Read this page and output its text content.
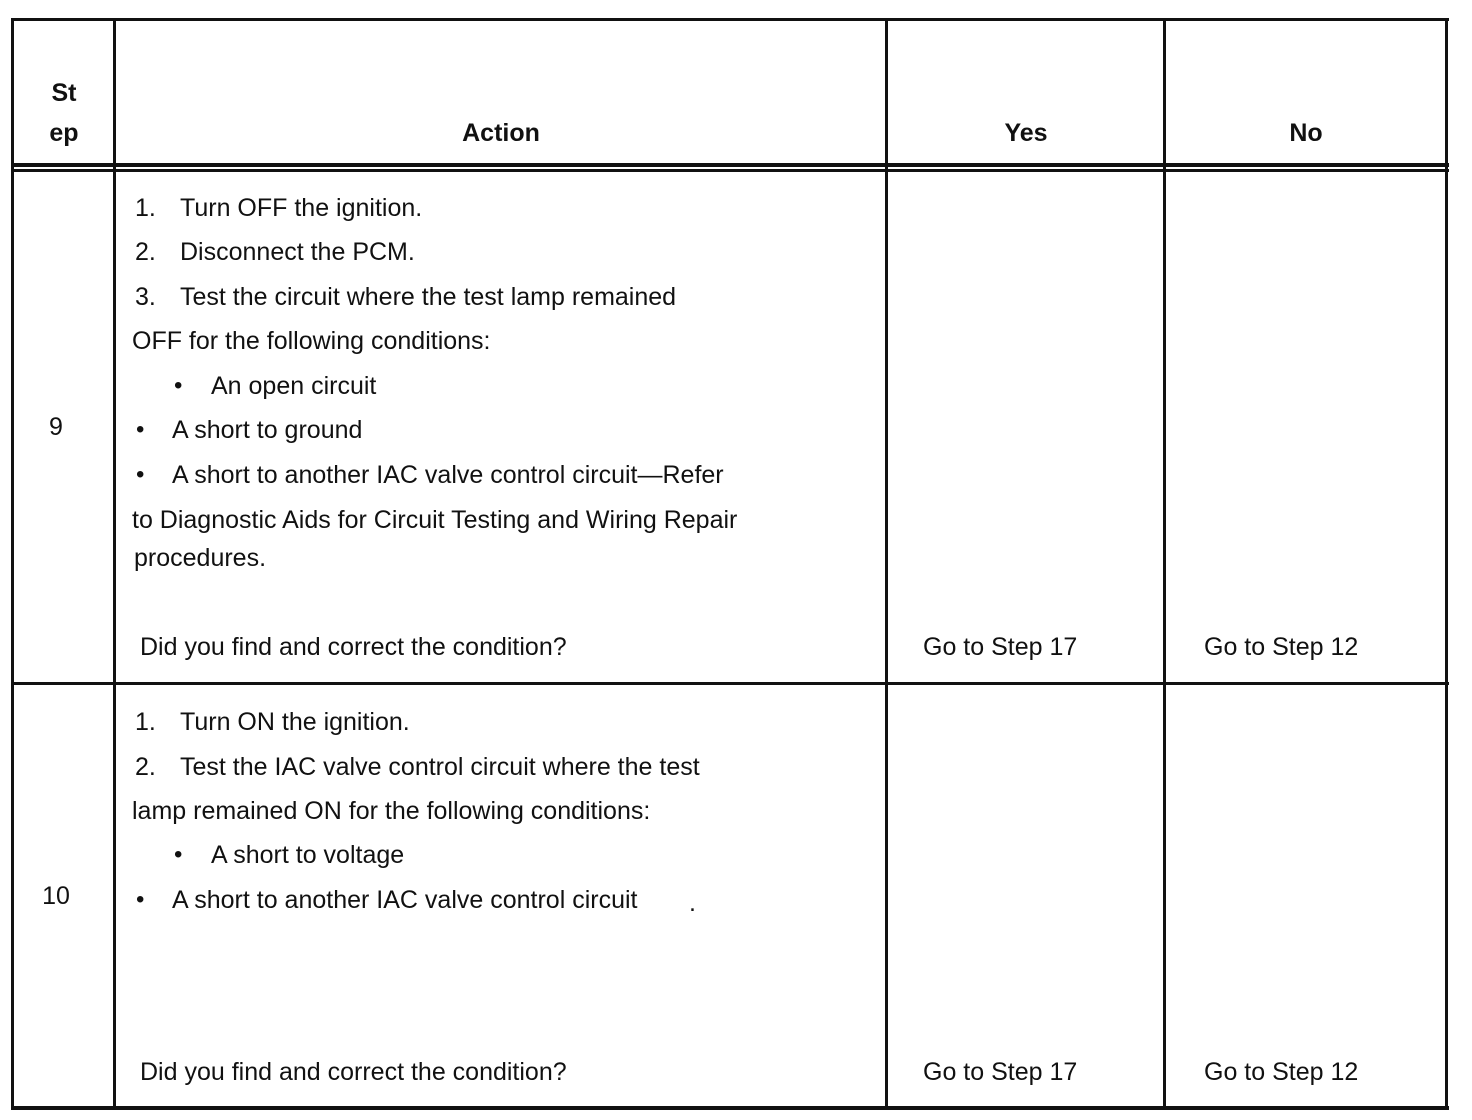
St
ep	Action	Yes	No
9
1. Turn OFF the ignition.
2. Disconnect the PCM.
3. Test the circuit where the test lamp remained
OFF for the following conditions:
• An open circuit
• A short to ground
• A short to another IAC valve control circuit—Refer
to Diagnostic Aids for Circuit Testing and Wiring Repair
procedures.
Did you find and correct the condition?	Go to Step 17	Go to Step 12
10
1. Turn ON the ignition.
2. Test the IAC valve control circuit where the test
lamp remained ON for the following conditions:
• A short to voltage
• A short to another IAC valve control circuit .
Did you find and correct the condition?	Go to Step 17	Go to Step 12
